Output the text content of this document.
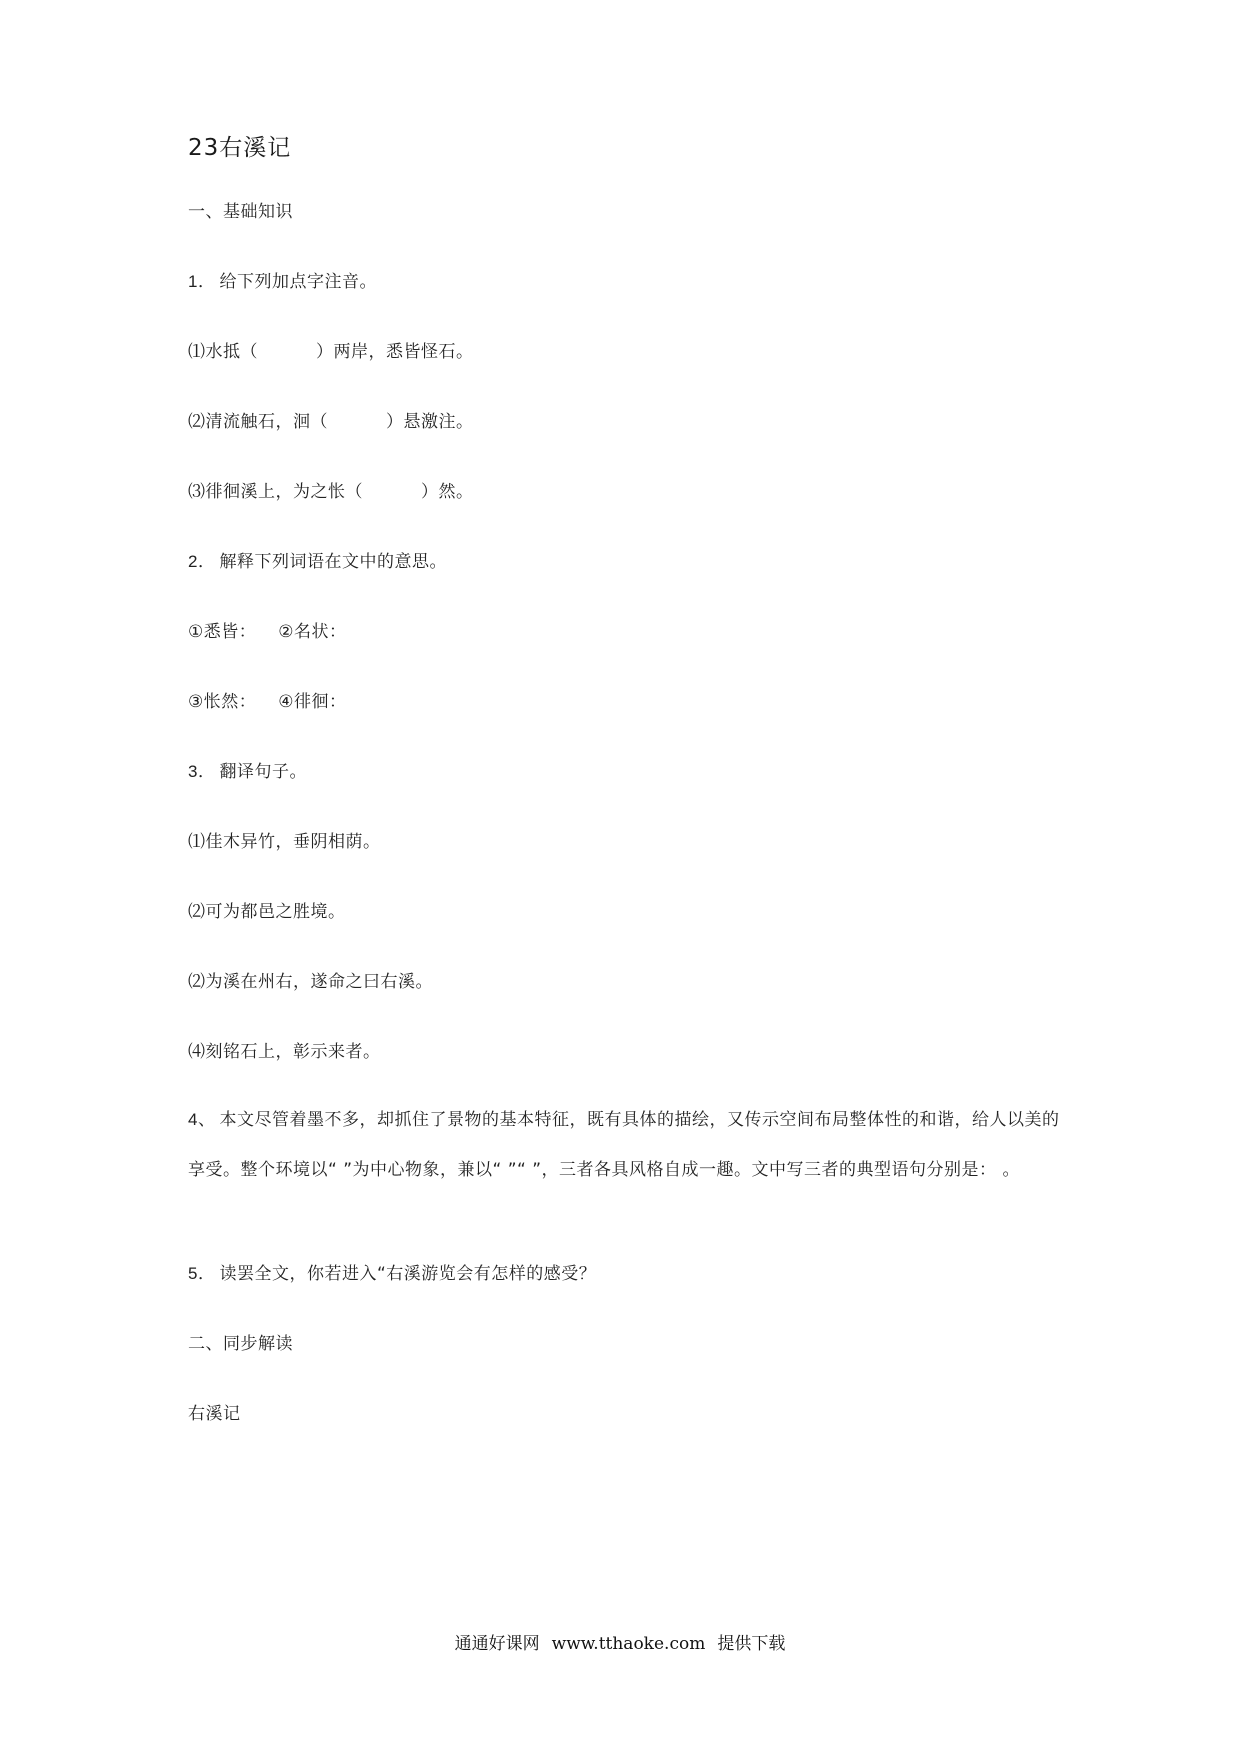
23右溪记
一、基础知识
1． 给下列加点字注音。
⑴水抵（	）两岸，悉皆怪石。
⑵清流触石，洄（	）悬激注。
⑶徘徊溪上，为之怅（	）然。
2． 解释下列词语在文中的意思。
①悉皆： ②名状：
③怅然： ④徘徊：
3． 翻译句子。
⑴佳木异竹，垂阴相荫。
⑵可为都邑之胜境。
⑵为溪在州右，遂命之曰右溪。
⑷刻铭石上，彰示来者。
4、 本文尽管着墨不多，却抓住了景物的基本特征，既有具体的描绘，又传示空间布局整体性的和谐，给人以美的享受。整个环境以“ ”为中心物象，兼以“ ”“ ”，三者各具风格自成一趣。文中写三者的典型语句分别是： 。
5． 读罢全文，你若进入“右溪游览会有怎样的感受？
二、同步解读
右溪记
通通好课网 www.tthaoke.com 提供下载
